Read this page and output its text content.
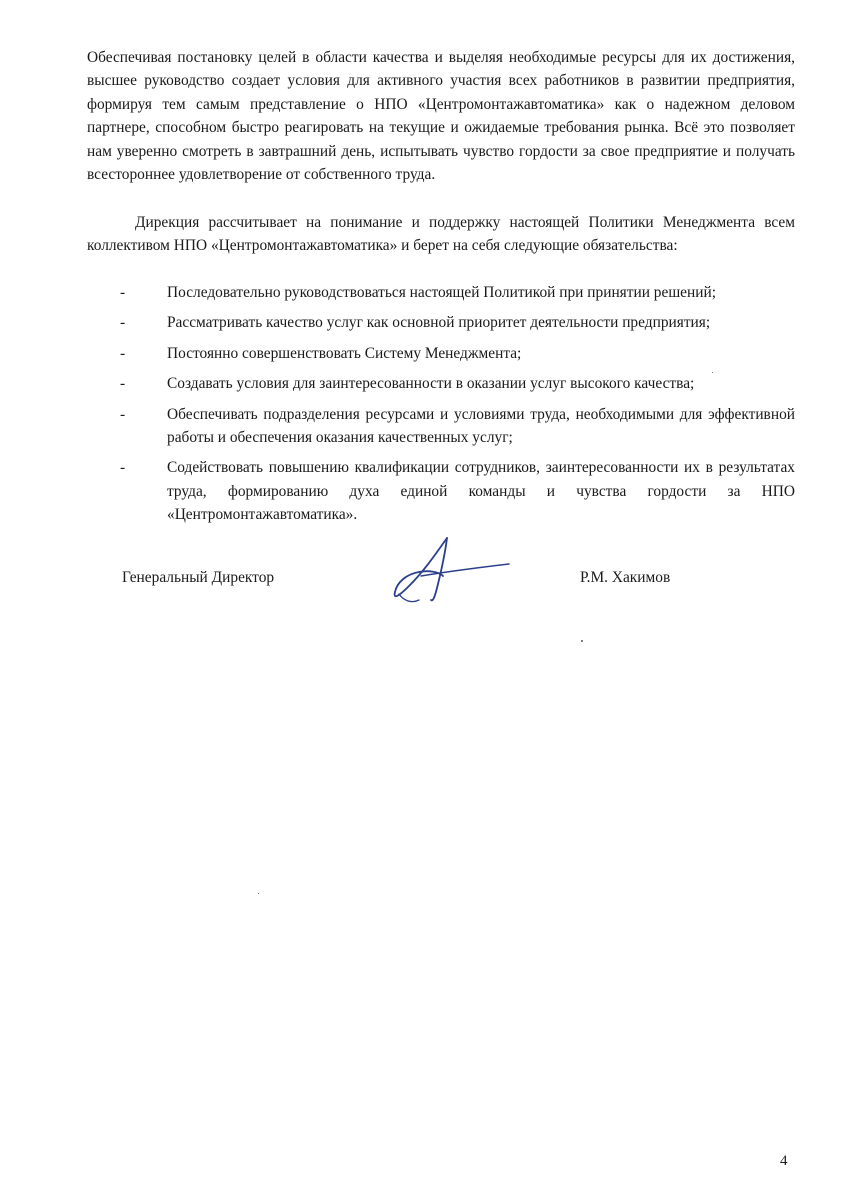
Обеспечивая постановку целей в области качества и выделяя необходимые ресурсы для их достижения, высшее руководство создает условия для активного участия всех работников в развитии предприятия, формируя тем самым представление о НПО «Центромонтажавтоматика» как о надежном деловом партнере, способном быстро реагировать на текущие и ожидаемые требования рынка. Всё это позволяет нам уверенно смотреть в завтрашний день, испытывать чувство гордости за свое предприятие и получать всестороннее удовлетворение от собственного труда.

Дирекция рассчитывает на понимание и поддержку настоящей Политики Менеджмента всем коллективом НПО «Центромонтажавтоматика» и берет на себя следующие обязательства:

-	Последовательно руководствоваться настоящей Политикой при принятии решений;
-	Рассматривать качество услуг как основной приоритет деятельности предприятия;
-	Постоянно совершенствовать Систему Менеджмента;
-	Создавать условия для заинтересованности в оказании услуг высокого качества;
-	Обеспечивать подразделения ресурсами и условиями труда, необходимыми для эффективной работы и обеспечения оказания качественных услуг;
-	Содействовать повышению квалификации сотрудников, заинтересованности их в результатах труда, формированию духа единой команды и чувства гордости за НПО «Центромонтажавтоматика».
Генеральный Директор	Р.М. Хакимов
4
